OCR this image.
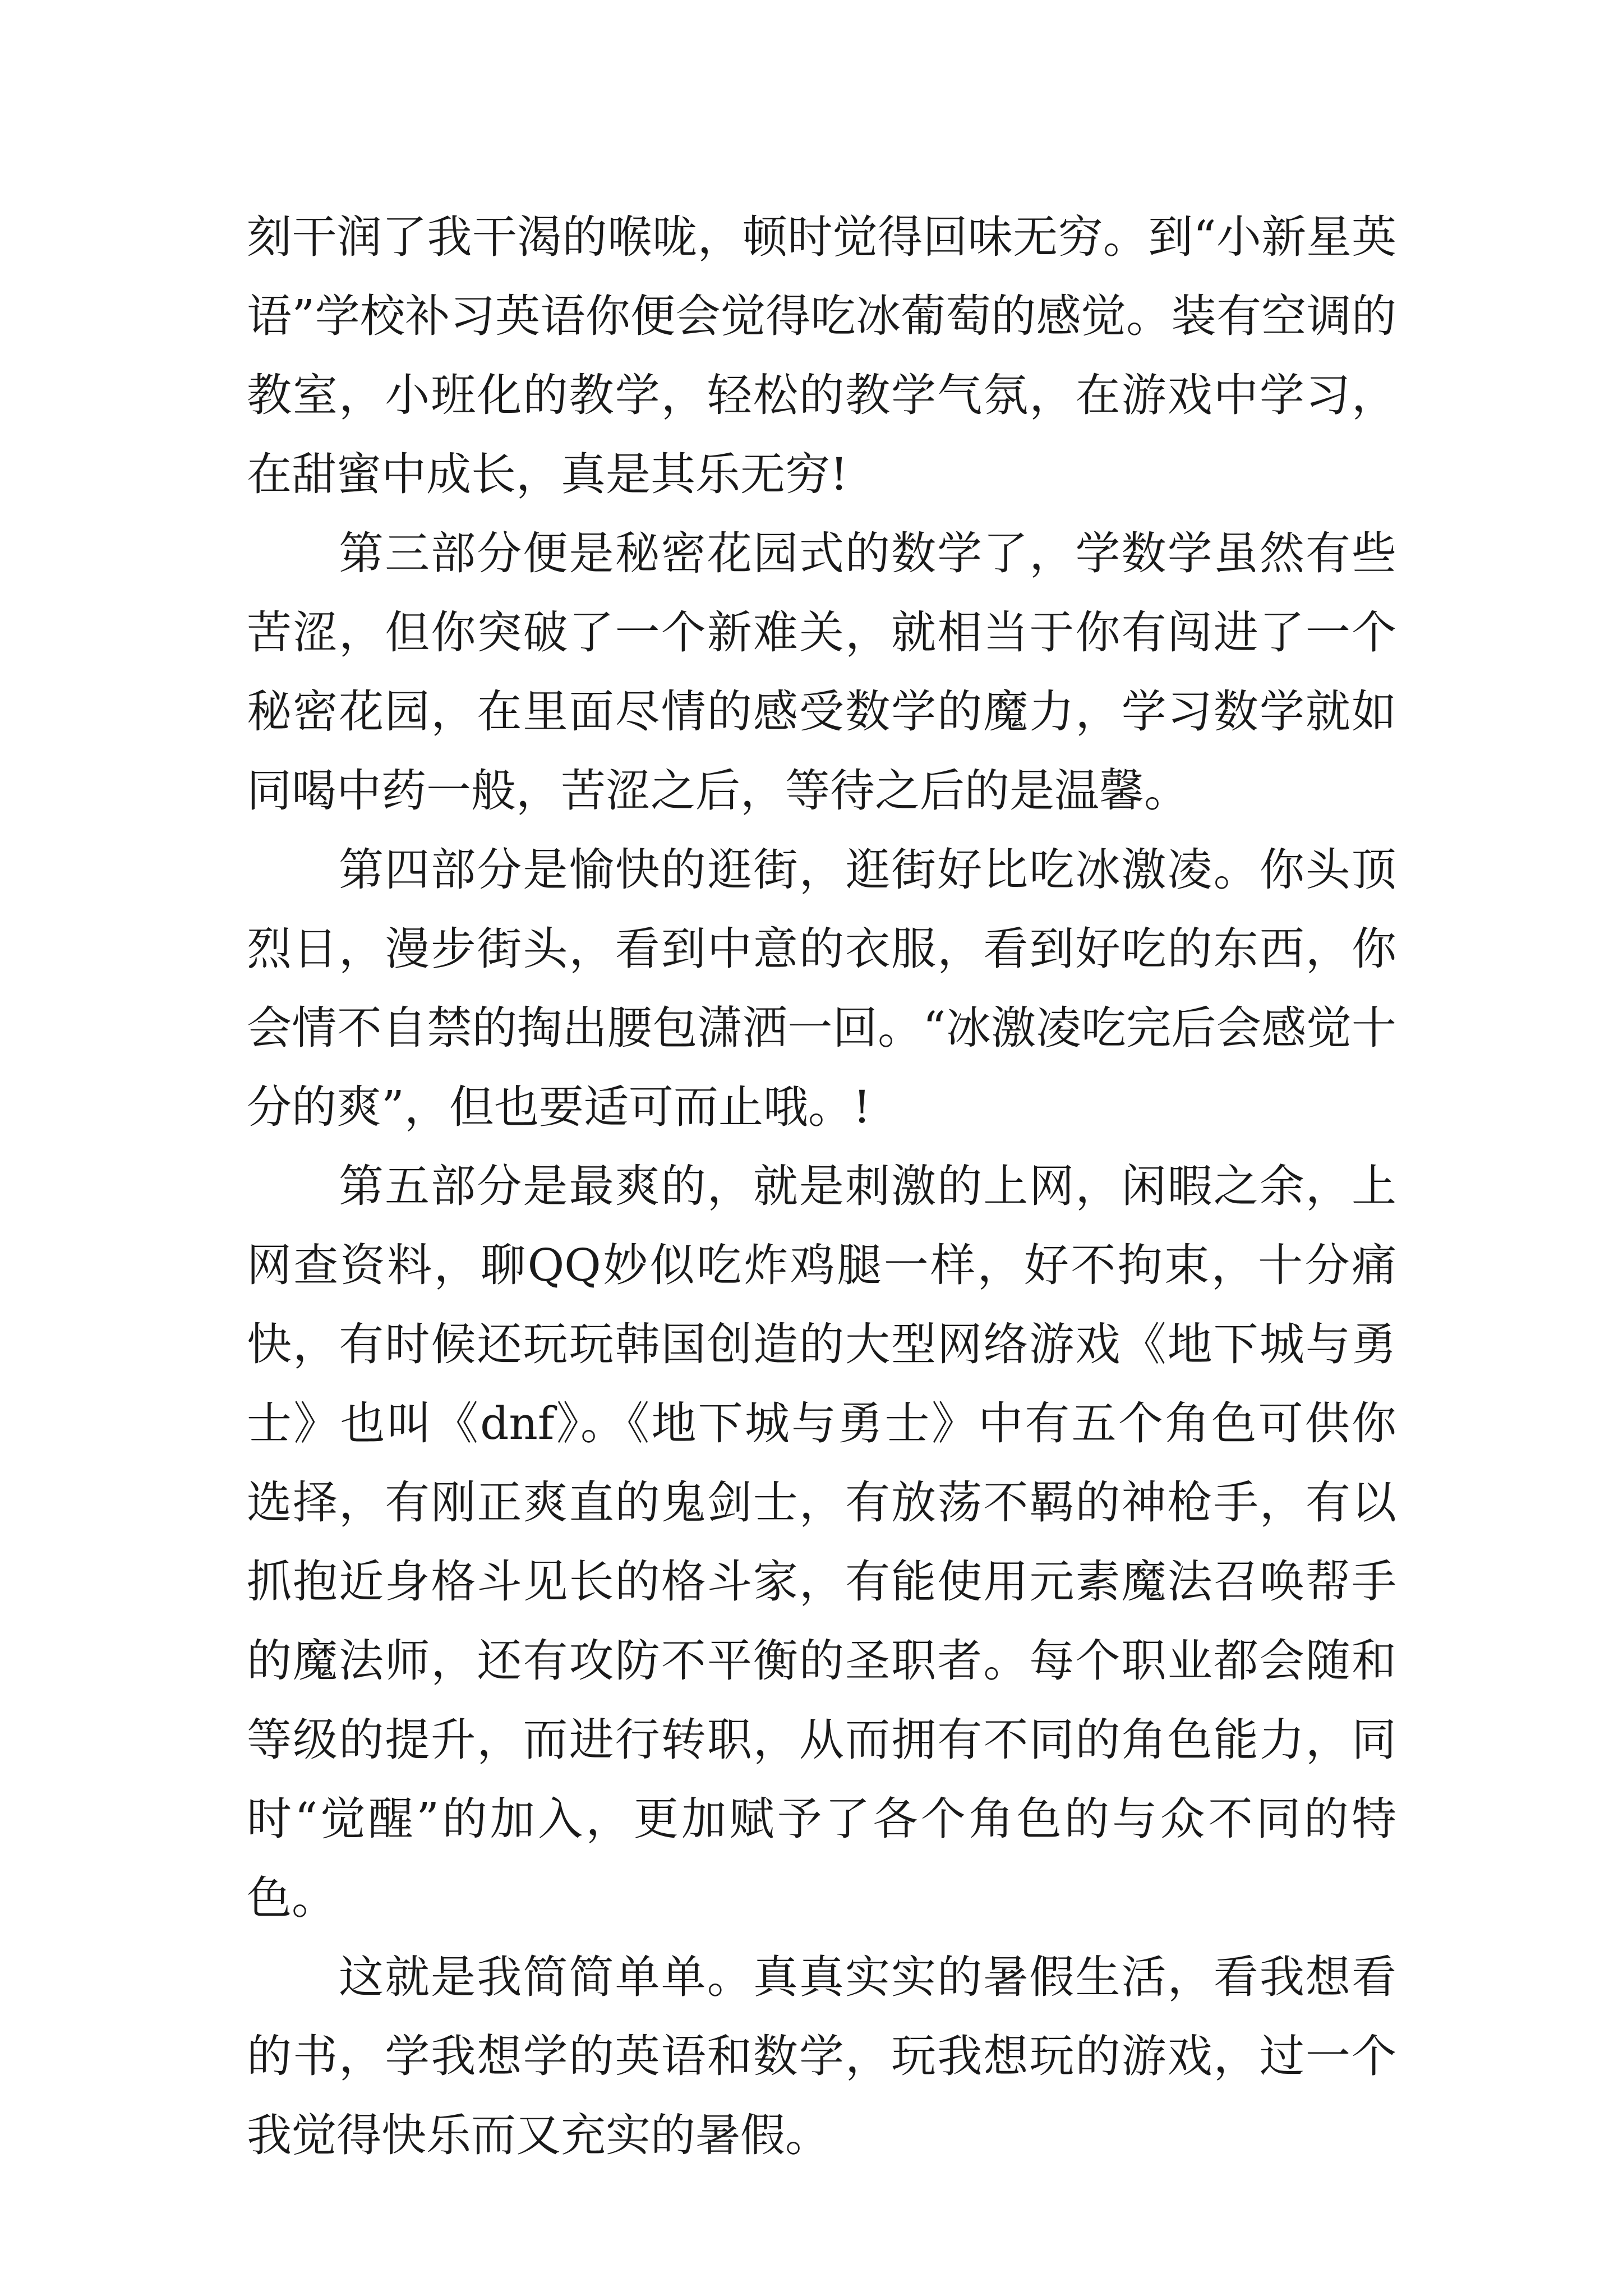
刻干润了我干渴的喉咙，顿时觉得回味无穷。到“小新星英语”学校补习英语你便会觉得吃冰葡萄的感觉。装有空调的教室，小班化的教学，轻松的教学气氛，在游戏中学习，在甜蜜中成长，真是其乐无穷!

第三部分便是秘密花园式的数学了，学数学虽然有些苦涩，但你突破了一个新难关，就相当于你有闯进了一个秘密花园，在里面尽情的感受数学的魔力，学习数学就如同喝中药一般，苦涩之后，等待之后的是温馨。

第四部分是愉快的逛街，逛街好比吃冰激凌。你头顶烈日，漫步街头，看到中意的衣服，看到好吃的东西，你会情不自禁的掏出腰包潇洒一回。“冰激凌吃完后会感觉十分的爽”，但也要适可而止哦。!

第五部分是最爽的，就是刺激的上网，闲暇之余，上网查资料，聊QQ妙似吃炸鸡腿一样，好不拘束，十分痛快，有时候还玩玩韩国创造的大型网络游戏《地下城与勇士》也叫《dnf》。《地下城与勇士》中有五个角色可供你选择，有刚正爽直的鬼剑士，有放荡不羁的神枪手，有以抓抱近身格斗见长的格斗家，有能使用元素魔法召唤帮手的魔法师，还有攻防不平衡的圣职者。每个职业都会随和等级的提升，而进行转职，从而拥有不同的角色能力，同时“觉醒”的加入，更加赋予了各个角色的与众不同的特色。

这就是我简简单单。真真实实的暑假生活，看我想看的书，学我想学的英语和数学，玩我想玩的游戏，过一个我觉得快乐而又充实的暑假。
